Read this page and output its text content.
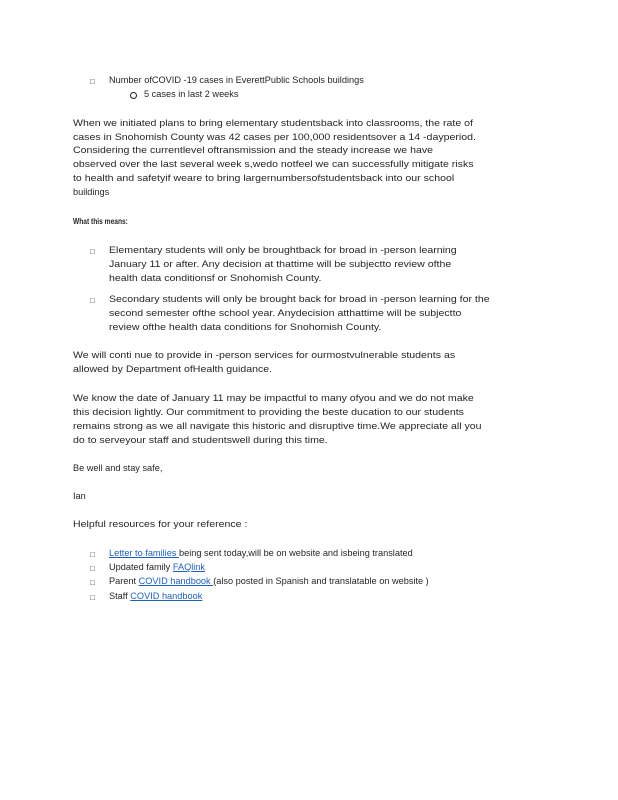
□ Number ofCOVID -19 cases in EverettPublic Schools buildings
5 cases in last 2 weeks
When we initiated plans to bring elementary studentsback into classrooms, the rate of
cases in Snohomish County was 42 cases per 100,000 residentsover a 14 -dayperiod.
Considering the currentlevel oftransmission and the steady increase we have
observed over the last several week s,wedo notfeel we can successfully mitigate risks
to health and safetyif weare to bring largernumbersofstudentsback into our school
buildings
What this means:
□ Elementary students will only be broughtback for broad in -person learning
January 11 or after. Any decision at thattime will be subjectto review ofthe
health data conditionsf or Snohomish County.
□ Secondary students will only be brought back for broad in -person learning for the
second semester ofthe school year. Anydecision atthattime will be subjectto
review ofthe health data conditions for Snohomish County.
We will conti nue to provide in -person services for ourmostvulnerable students as
allowed by Department ofHealth guidance.
We know the date of January 11 may be impactful to many ofyou and we do not make
this decision lightly. Our commitment to providing the beste ducation to our students
remains strong as we all navigate this historic and disruptive time.We appreciate all you
do to serveyour staff and studentswell during this time.
Be well and stay safe,
Ian
Helpful resources for your reference :
□ Letter to families being sent today,will be on website and isbeing translated
□ Updated family FAQlink
□ Parent COVID handbook (also posted in Spanish and translatable on website )
□ Staff COVID handbook
